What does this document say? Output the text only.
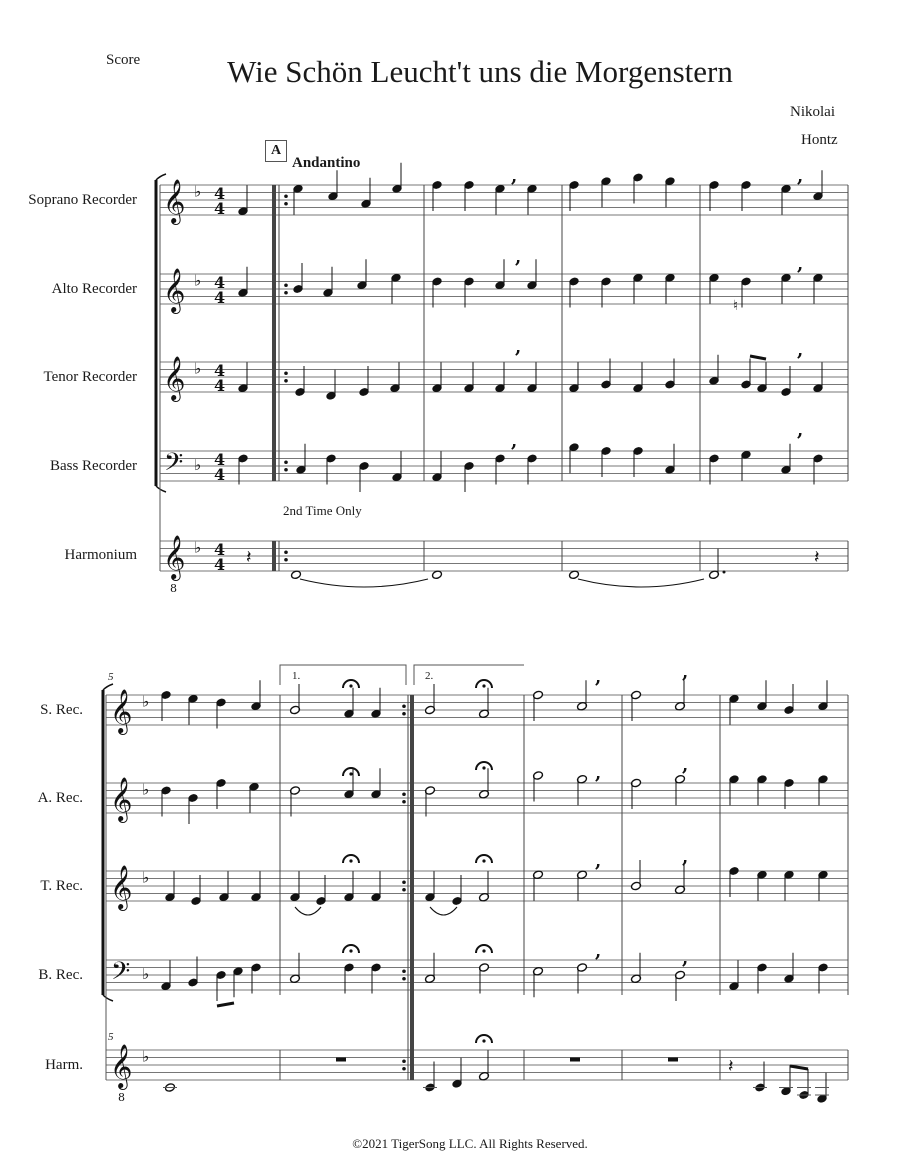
Score	Wie Schön Leucht't uns die Morgenstern
Nikolai
Hontz
A
Andantino
Soprano Recorder
Alto Recorder
Tenor Recorder
Bass Recorder
Harmonium
2nd Time Only
S. Rec.
A. Rec.
T. Rec.
B. Rec.
Harm.
5
5
1.	2.
©2021 TigerSong LLC. All Rights Reserved.
𝄞 ♭ 4
4
𝄞 ♭ 4
4
𝄞 ♭ 4
4
𝄞 ♭ 4
4
𝄢 ♭ 4
4
8
𝄽
,	,
,
♮
,
,	,
,
,
𝄽
𝄞 ♭
𝄞 ♭
𝄞 ♭
𝄞 ♭
𝄢 ♭
8
,	,
,	,
,	,
,	,
𝄽
